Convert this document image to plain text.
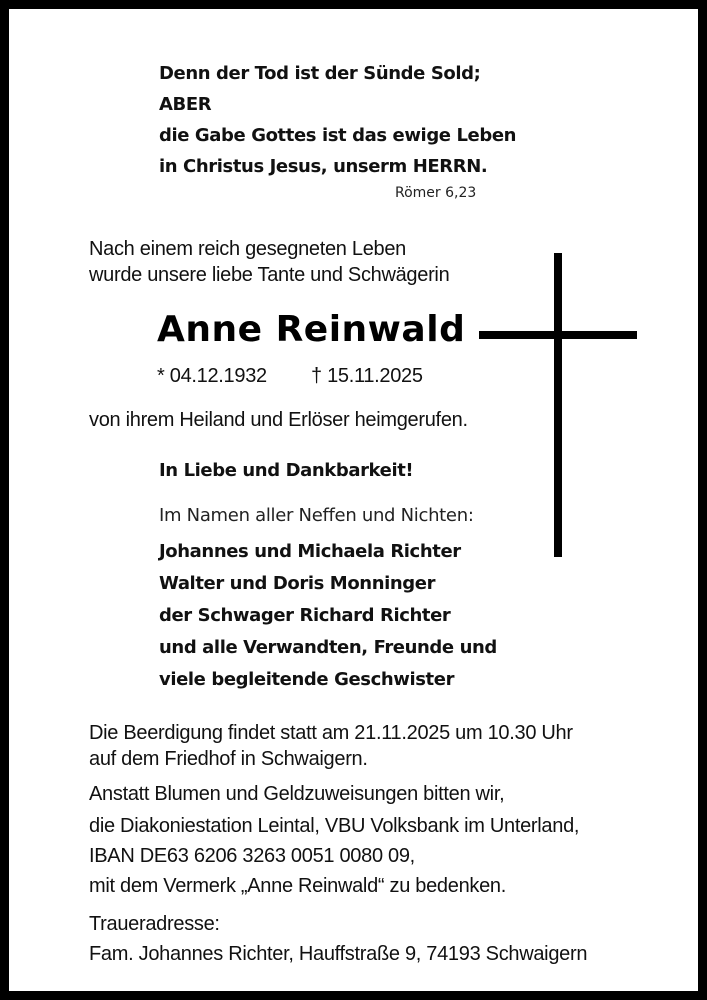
Denn der Tod ist der Sünde Sold;

ABER

die Gabe Gottes ist das ewige Leben

in Christus Jesus, unserm HERRN.

Römer 6,23

Nach einem reich gesegneten Leben

wurde unsere liebe Tante und Schwägerin

Anne Reinwald

* 04.12.1932 † 15.11.2025

von ihrem Heiland und Erlöser heimgerufen.

In Liebe und Dankbarkeit!

Im Namen aller Neffen und Nichten:

Johannes und Michaela Richter

Walter und Doris Monninger

der Schwager Richard Richter

und alle Verwandten, Freunde und

viele begleitende Geschwister

Die Beerdigung findet statt am 21.11.2025 um 10.30 Uhr

auf dem Friedhof in Schwaigern.

Anstatt Blumen und Geldzuweisungen bitten wir,

die Diakoniestation Leintal, VBU Volksbank im Unterland,

IBAN DE63 6206 3263 0051 0080 09,

mit dem Vermerk „Anne Reinwald“ zu bedenken.

Traueradresse:

Fam. Johannes Richter, Hauffstraße 9, 74193 Schwaigern
